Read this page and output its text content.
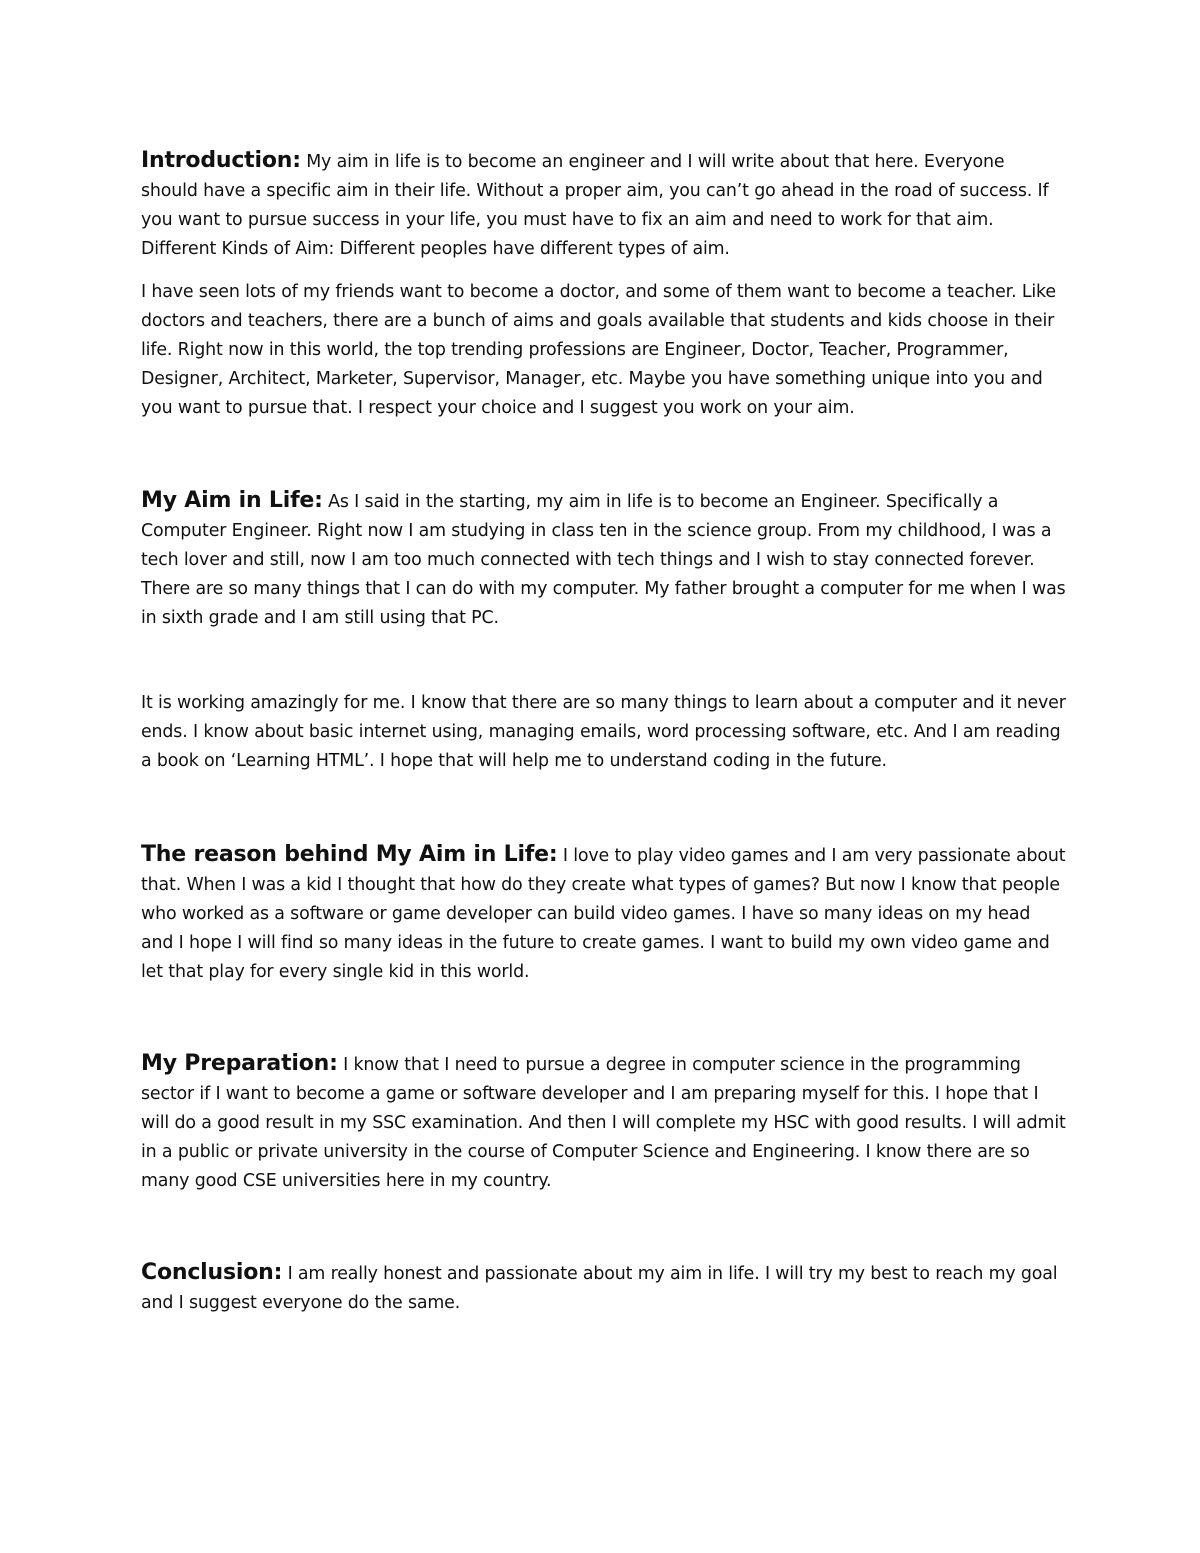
Introduction: My aim in life is to become an engineer and I will write about that here. Everyone should have a specific aim in their life. Without a proper aim, you can’t go ahead in the road of success. If you want to pursue success in your life, you must have to fix an aim and need to work for that aim. Different Kinds of Aim: Different peoples have different types of aim.

I have seen lots of my friends want to become a doctor, and some of them want to become a teacher. Like doctors and teachers, there are a bunch of aims and goals available that students and kids choose in their life. Right now in this world, the top trending professions are Engineer, Doctor, Teacher, Programmer, Designer, Architect, Marketer, Supervisor, Manager, etc. Maybe you have something unique into you and you want to pursue that. I respect your choice and I suggest you work on your aim.

My Aim in Life: As I said in the starting, my aim in life is to become an Engineer. Specifically a Computer Engineer. Right now I am studying in class ten in the science group. From my childhood, I was a tech lover and still, now I am too much connected with tech things and I wish to stay connected forever. There are so many things that I can do with my computer. My father brought a computer for me when I was in sixth grade and I am still using that PC.

It is working amazingly for me. I know that there are so many things to learn about a computer and it never ends. I know about basic internet using, managing emails, word processing software, etc. And I am reading a book on ‘Learning HTML’. I hope that will help me to understand coding in the future.

The reason behind My Aim in Life: I love to play video games and I am very passionate about that. When I was a kid I thought that how do they create what types of games? But now I know that people who worked as a software or game developer can build video games. I have so many ideas on my head and I hope I will find so many ideas in the future to create games. I want to build my own video game and let that play for every single kid in this world.

My Preparation: I know that I need to pursue a degree in computer science in the programming sector if I want to become a game or software developer and I am preparing myself for this. I hope that I will do a good result in my SSC examination. And then I will complete my HSC with good results. I will admit in a public or private university in the course of Computer Science and Engineering. I know there are so many good CSE universities here in my country.

Conclusion: I am really honest and passionate about my aim in life. I will try my best to reach my goal and I suggest everyone do the same.
